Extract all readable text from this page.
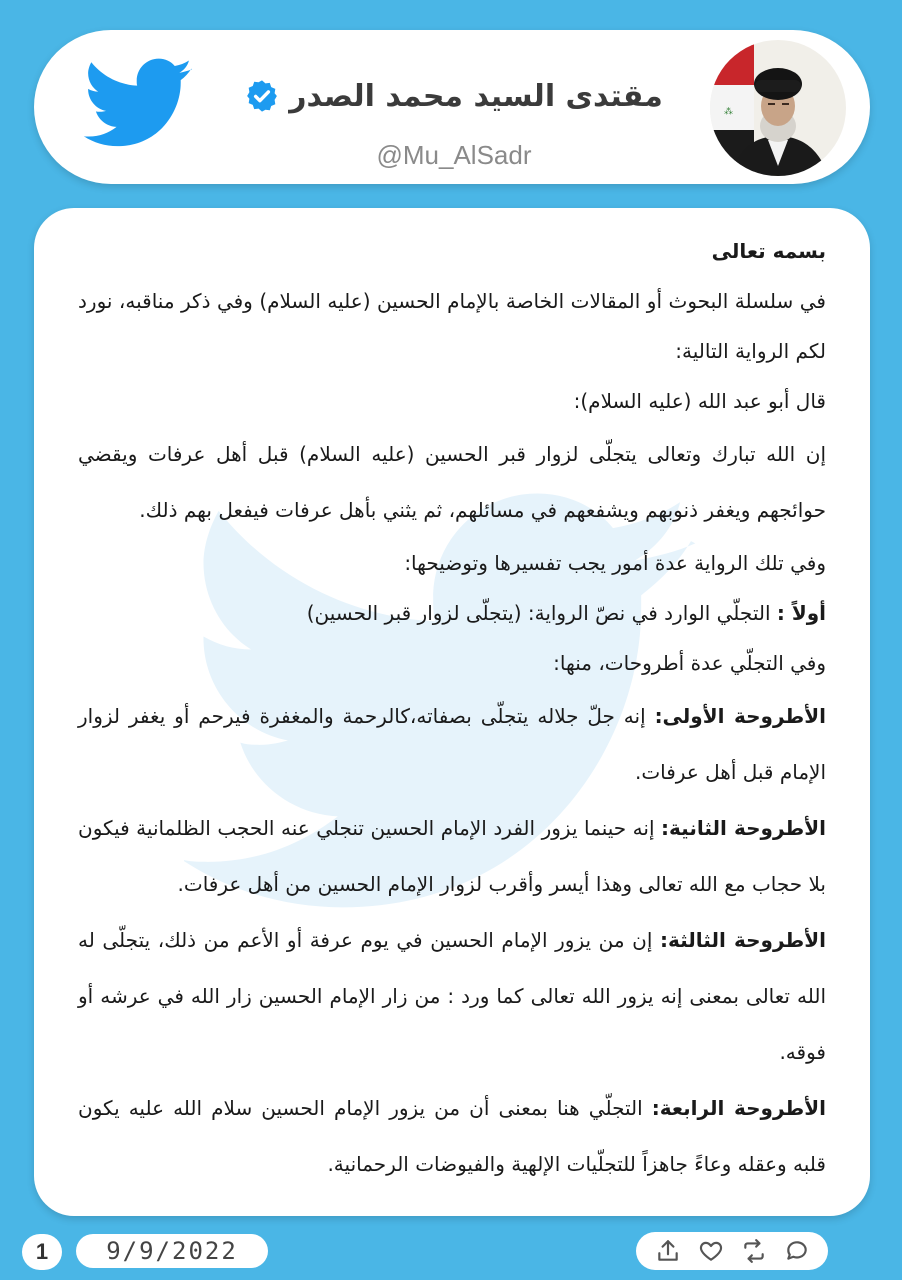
مقتدى السيد محمد الصدر
@Mu_AlSadr
⁂

بسمه تعالى

في سلسلة البحوث أو المقالات الخاصة بالإمام الحسين (عليه السلام) وفي ذكر مناقبه، نورد لكم الرواية التالية:

قال أبو عبد الله (عليه السلام):

إن الله تبارك وتعالى يتجلّى لزوار قبر الحسين (عليه السلام) قبل أهل عرفات ويقضي حوائجهم ويغفر ذنوبهم ويشفعهم في مسائلهم، ثم يثني بأهل عرفات فيفعل بهم ذلك.

وفي تلك الرواية عدة أمور يجب تفسيرها وتوضيحها:

أولاً : التجلّي الوارد في نصّ الرواية: (يتجلّى لزوار قبر الحسين)

وفي التجلّي عدة أطروحات، منها:

الأطروحة الأولى: إنه جلّ جلاله يتجلّى بصفاته،كالرحمة والمغفرة فيرحم أو يغفر لزوار الإمام قبل أهل عرفات.

الأطروحة الثانية: إنه حينما يزور الفرد الإمام الحسين تنجلي عنه الحجب الظلمانية فيكون بلا حجاب مع الله تعالى وهذا أيسر وأقرب لزوار الإمام الحسين من أهل عرفات.

الأطروحة الثالثة: إن من يزور الإمام الحسين في يوم عرفة أو الأعم من ذلك، يتجلّى له الله تعالى بمعنى إنه يزور الله تعالى كما ورد : من زار الإمام الحسين زار الله في عرشه أو فوقه.

الأطروحة الرابعة: التجلّي هنا بمعنى أن من يزور الإمام الحسين سلام الله عليه يكون قلبه وعقله وعاءً جاهزاً للتجلّيات الإلهية والفيوضات الرحمانية.

1	9/9/2022
